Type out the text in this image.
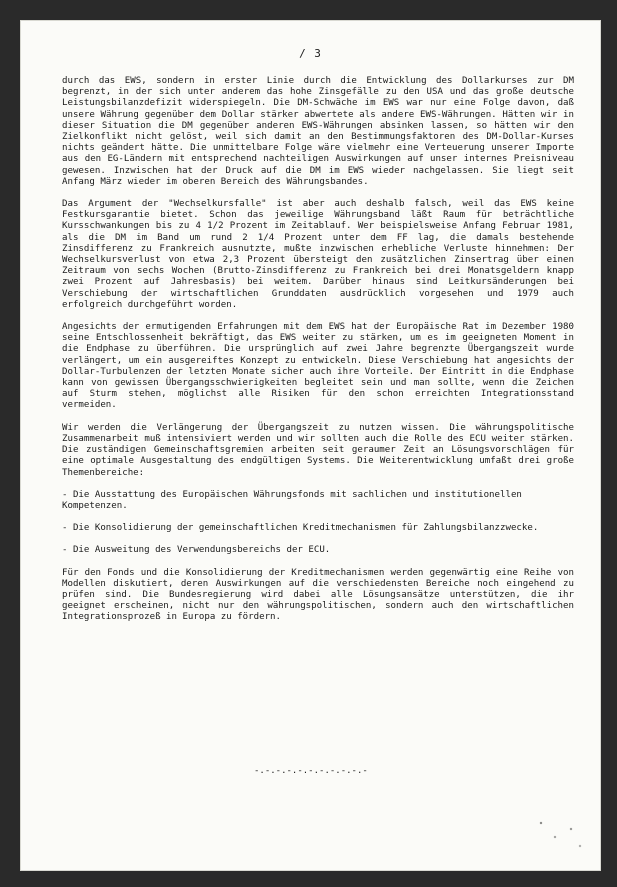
/ 3

durch das EWS, sondern in erster Linie durch die Entwicklung des Dollarkurses zur DM begrenzt, in der sich unter anderem das hohe Zinsgefälle zu den USA und das große deutsche Leistungsbilanzdefizit widerspiegeln. Die DM-Schwäche im EWS war nur eine Folge davon, daß unsere Währung gegenüber dem Dollar stärker abwertete als andere EWS-Währungen. Hätten wir in dieser Situation die DM gegenüber anderen EWS-Währungen absinken lassen, so hätten wir den Zielkonflikt nicht gelöst, weil sich damit an den Bestimmungsfaktoren des DM-Dollar-Kurses nichts geändert hätte. Die unmittelbare Folge wäre vielmehr eine Verteuerung unserer Importe aus den EG-Ländern mit entsprechend nachteiligen Auswirkungen auf unser internes Preisniveau gewesen. Inzwischen hat der Druck auf die DM im EWS wieder nachgelassen. Sie liegt seit Anfang März wieder im oberen Bereich des Währungsbandes.

Das Argument der "Wechselkursfalle" ist aber auch deshalb falsch, weil das EWS keine Festkursgarantie bietet. Schon das jeweilige Währungsband läßt Raum für beträchtliche Kursschwankungen bis zu 4 1/2 Prozent im Zeitablauf. Wer beispielsweise Anfang Februar 1981, als die DM im Band um rund 2 1/4 Prozent unter dem FF lag, die damals bestehende Zinsdifferenz zu Frankreich ausnutzte, mußte inzwischen erhebliche Verluste hinnehmen: Der Wechselkursverlust von etwa 2,3 Prozent übersteigt den zusätzlichen Zinsertrag über einen Zeitraum von sechs Wochen (Brutto-Zinsdifferenz zu Frankreich bei drei Monatsgeldern knapp zwei Prozent auf Jahresbasis) bei weitem. Darüber hinaus sind Leitkursänderungen bei Verschiebung der wirtschaftlichen Grunddaten ausdrücklich vorgesehen und 1979 auch erfolgreich durchgeführt worden.

Angesichts der ermutigenden Erfahrungen mit dem EWS hat der Europäische Rat im Dezember 1980 seine Entschlossenheit bekräftigt, das EWS weiter zu stärken, um es im geeigneten Moment in die Endphase zu überführen. Die ursprünglich auf zwei Jahre begrenzte Übergangszeit wurde verlängert, um ein ausgereiftes Konzept zu entwickeln. Diese Verschiebung hat angesichts der Dollar-Turbulenzen der letzten Monate sicher auch ihre Vorteile. Der Eintritt in die Endphase kann von gewissen Übergangsschwierigkeiten begleitet sein und man sollte, wenn die Zeichen auf Sturm stehen, möglichst alle Risiken für den schon erreichten Integrationsstand vermeiden.

Wir werden die Verlängerung der Übergangszeit zu nutzen wissen. Die währungspolitische Zusammenarbeit muß intensiviert werden und wir sollten auch die Rolle des ECU weiter stärken. Die zuständigen Gemeinschaftsgremien arbeiten seit geraumer Zeit an Lösungsvorschlägen für eine optimale Ausgestaltung des endgültigen Systems. Die Weiterentwicklung umfaßt drei große Themenbereiche:

- Die Ausstattung des Europäischen Währungsfonds mit sachlichen und institutionellen Kompetenzen.

- Die Konsolidierung der gemeinschaftlichen Kreditmechanismen für Zahlungsbilanzzwecke.

- Die Ausweitung des Verwendungsbereichs der ECU.

Für den Fonds und die Konsolidierung der Kreditmechanismen werden gegenwärtig eine Reihe von Modellen diskutiert, deren Auswirkungen auf die verschiedensten Bereiche noch eingehend zu prüfen sind. Die Bundesregierung wird dabei alle Lösungsansätze unterstützen, die ihr geeignet erscheinen, nicht nur den währungspolitischen, sondern auch den wirtschaftlichen Integrationsprozeß in Europa zu fördern.

-.-.-.-.-.-.-.-.-.-.-
